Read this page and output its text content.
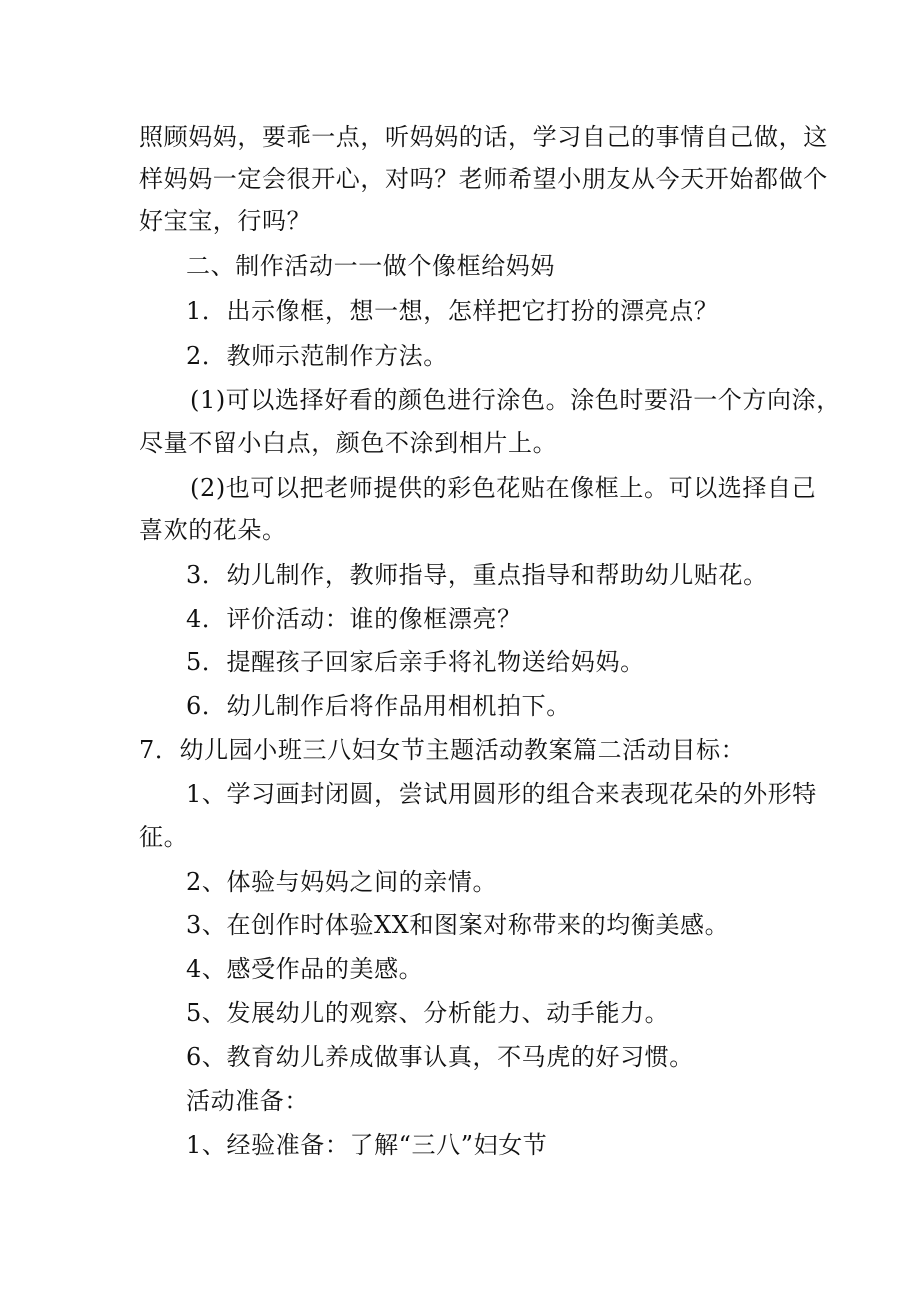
照顾妈妈，要乖一点，听妈妈的话，学习自己的事情自己做，这
样妈妈一定会很开心，对吗？老师希望小朋友从今天开始都做个
好宝宝，行吗？
二、制作活动一一做个像框给妈妈
1．出示像框，想一想，怎样把它打扮的漂亮点？
2．教师示范制作方法。
(1)可以选择好看的颜色进行涂色。涂色时要沿一个方向涂，
尽量不留小白点，颜色不涂到相片上。
(2)也可以把老师提供的彩色花贴在像框上。可以选择自己
喜欢的花朵。
3．幼儿制作，教师指导，重点指导和帮助幼儿贴花。
4．评价活动：谁的像框漂亮？
5．提醒孩子回家后亲手将礼物送给妈妈。
6．幼儿制作后将作品用相机拍下。
7．幼儿园小班三八妇女节主题活动教案篇二活动目标：
1、学习画封闭圆，尝试用圆形的组合来表现花朵的外形特
征。
2、体验与妈妈之间的亲情。
3、在创作时体验XX和图案对称带来的均衡美感。
4、感受作品的美感。
5、发展幼儿的观察、分析能力、动手能力。
6、教育幼儿养成做事认真，不马虎的好习惯。
活动准备：
1、经验准备：了解“三八”妇女节
